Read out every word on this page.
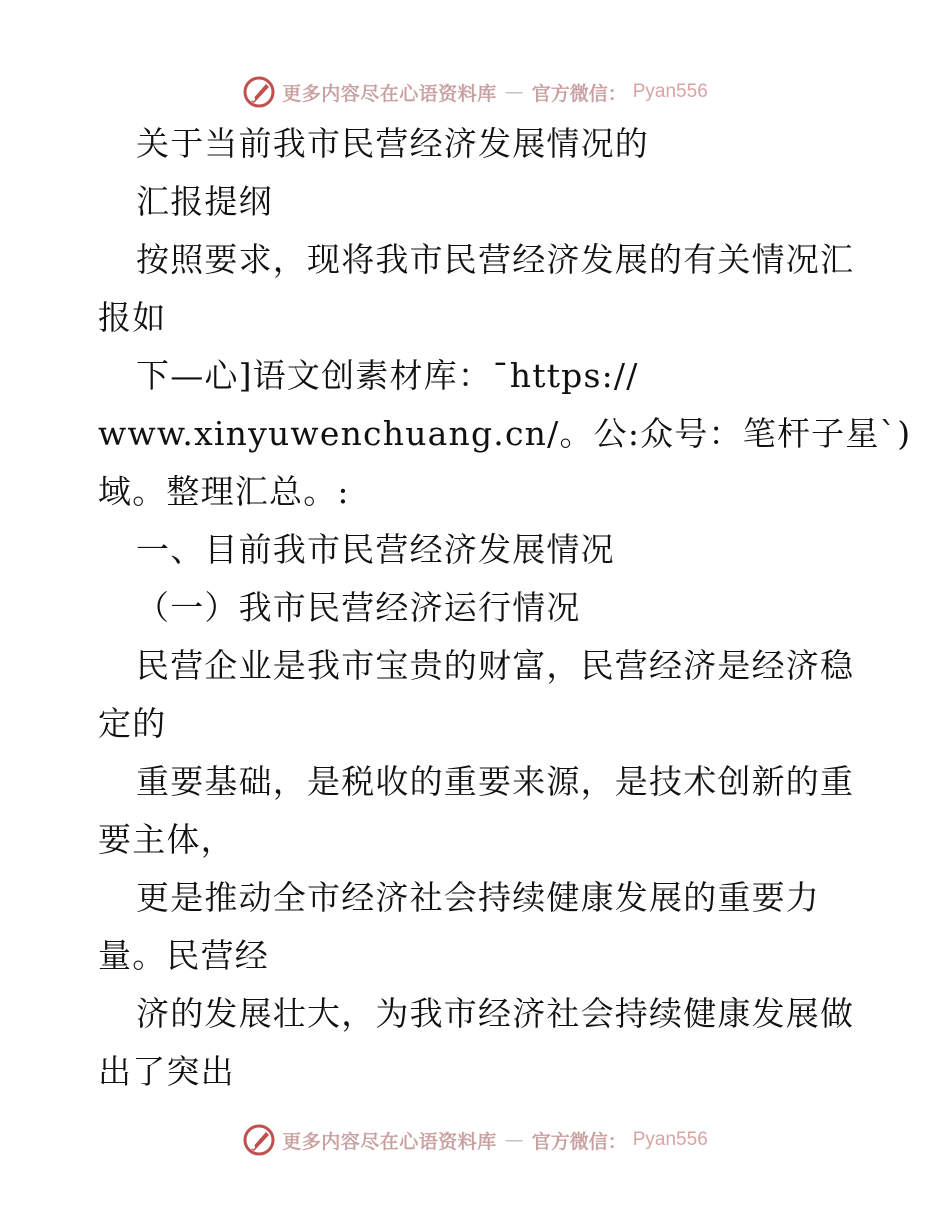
更多内容尽在心语资料库 — 官方微信： Pyan556
关于当前我市民营经济发展情况的
汇报提纲
按照要求，现将我市民营经济发展的有关情况汇
报如
下—心]语文创素材库：¯https://
www.xinyuwenchuang.cn/。公:众号：笔杆子星`)
域。整理汇总。:
一、目前我市民营经济发展情况
（一）我市民营经济运行情况
民营企业是我市宝贵的财富，民营经济是经济稳
定的
重要基础，是税收的重要来源，是技术创新的重
要主体，
更是推动全市经济社会持续健康发展的重要力
量。民营经
济的发展壮大，为我市经济社会持续健康发展做
出了突出
更多内容尽在心语资料库 — 官方微信： Pyan556
